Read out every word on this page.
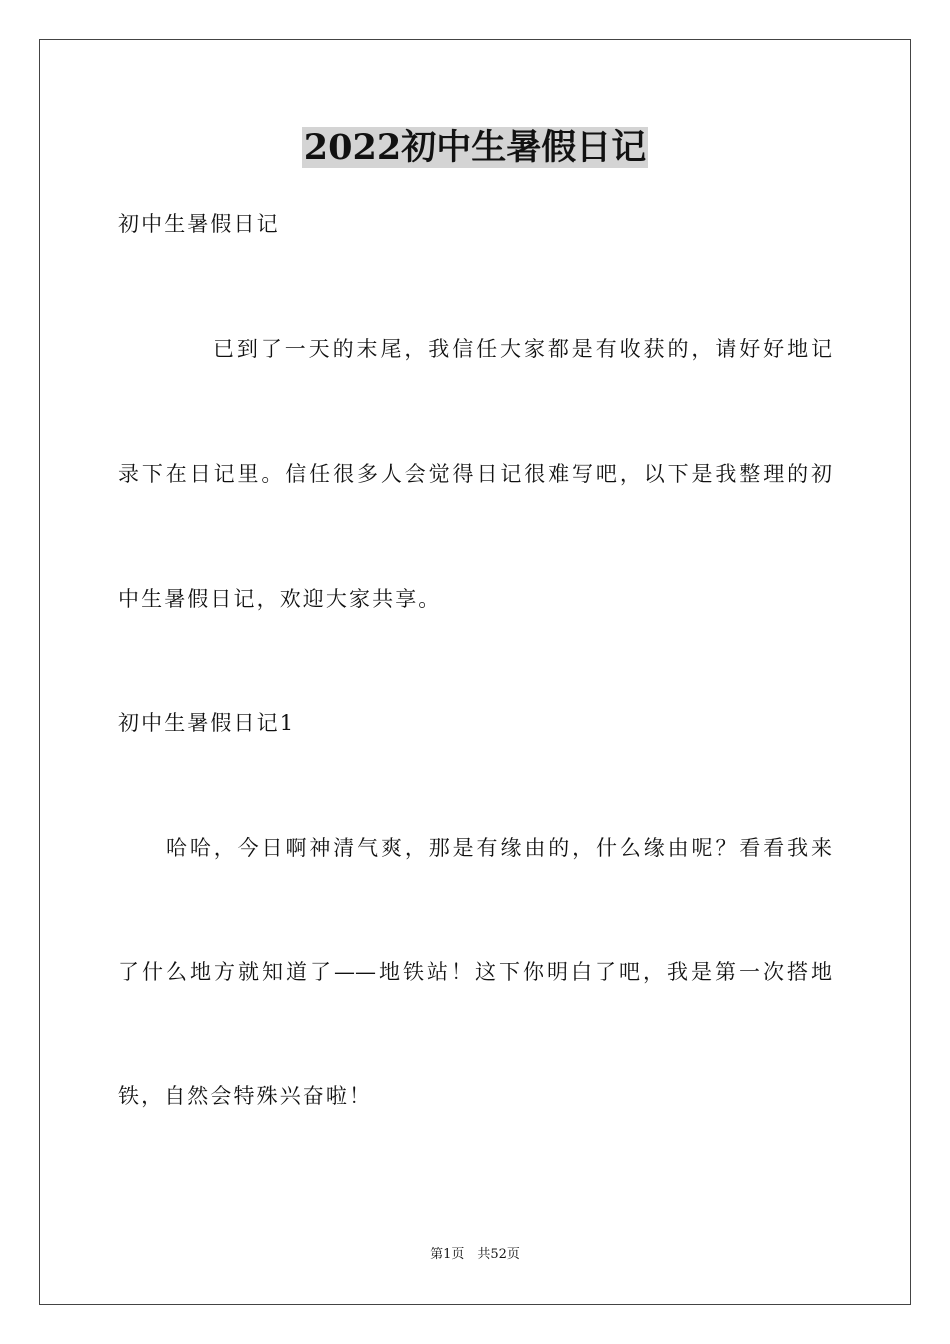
2022初中生暑假日记
初中生暑假日记
已到了一天的末尾，我信任大家都是有收获的，请好好地记
录下在日记里。信任很多人会觉得日记很难写吧，以下是我整理的初
中生暑假日记，欢迎大家共享。
初中生暑假日记1
哈哈，今日啊神清气爽，那是有缘由的，什么缘由呢？看看我来
了什么地方就知道了——地铁站！这下你明白了吧，我是第一次搭地
铁，自然会特殊兴奋啦！
第1页　共52页
